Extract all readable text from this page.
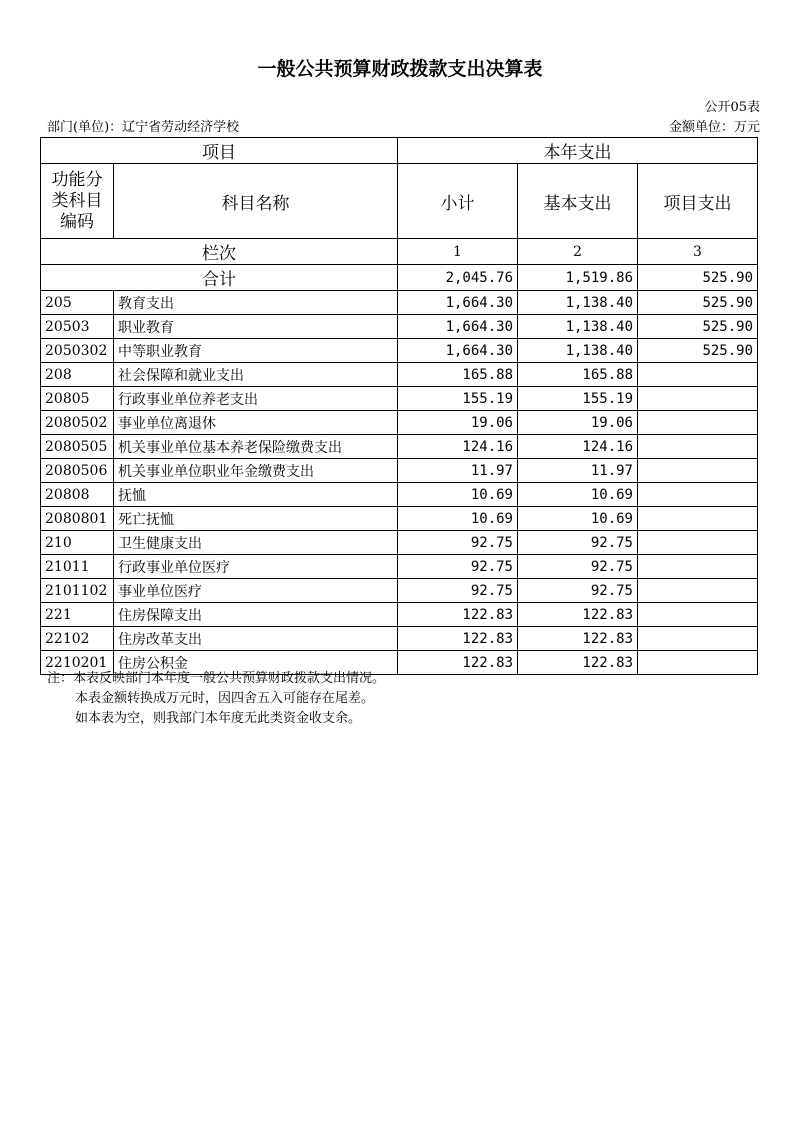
一般公共预算财政拨款支出决算表
公开05表
部门(单位)：辽宁省劳动经济学校	金额单位：万元
项目		本年支出		
功能分类科目编码	科目名称	小计	基本支出	项目支出
栏次		1	2	3
合计		2,045.76	1,519.86	525.90
205	教育支出	1,664.30	1,138.40	525.90
20503	职业教育	1,664.30	1,138.40	525.90
2050302	中等职业教育	1,664.30	1,138.40	525.90
208	社会保障和就业支出	165.88	165.88	
20805	行政事业单位养老支出	155.19	155.19	
2080502	事业单位离退休	19.06	19.06	
2080505	机关事业单位基本养老保险缴费支出	124.16	124.16	
2080506	机关事业单位职业年金缴费支出	11.97	11.97	
20808	抚恤	10.69	10.69	
2080801	死亡抚恤	10.69	10.69	
210	卫生健康支出	92.75	92.75	
21011	行政事业单位医疗	92.75	92.75	
2101102	事业单位医疗	92.75	92.75	
221	住房保障支出	122.83	122.83	
22102	住房改革支出	122.83	122.83	
2210201	住房公积金	122.83	122.83	
注：本表反映部门本年度一般公共预算财政拨款支出情况。
本表金额转换成万元时，因四舍五入可能存在尾差。
如本表为空，则我部门本年度无此类资金收支余。
